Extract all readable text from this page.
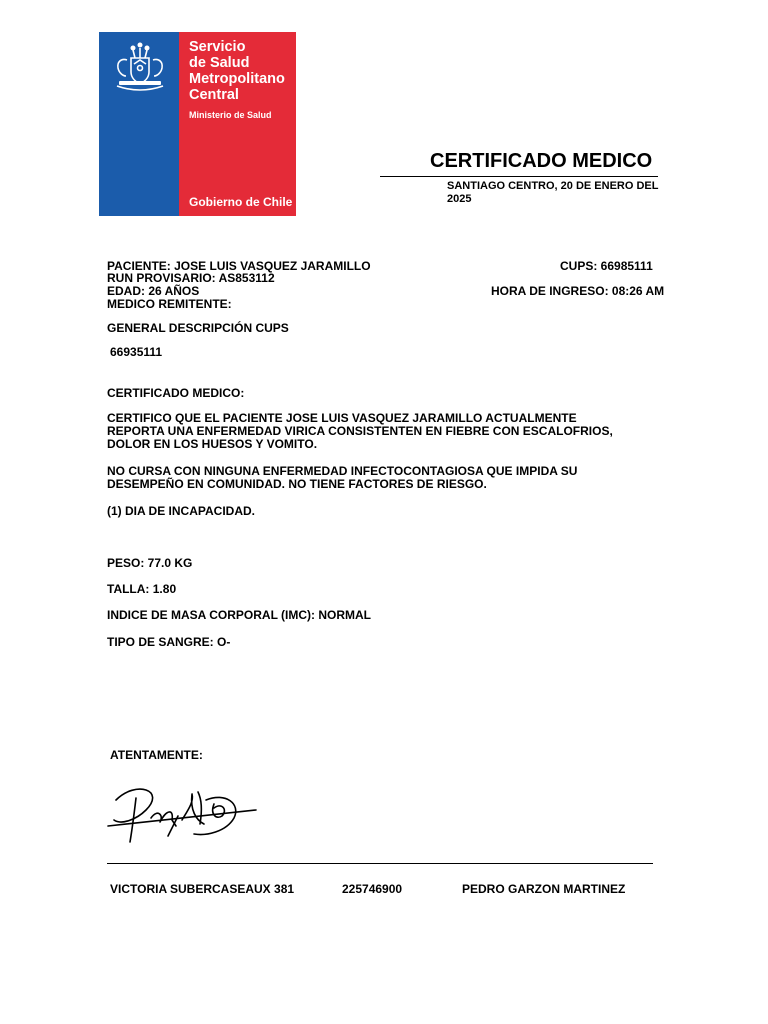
Servicio
de Salud
Metropolitano
Central
Ministerio de Salud
Gobierno de Chile
CERTIFICADO MEDICO
SANTIAGO CENTRO, 20 DE ENERO DEL 2025
PACIENTE: JOSE LUIS VASQUEZ JARAMILLO
RUN PROVISARIO: AS853112
EDAD: 26 AÑOS
MEDICO REMITENTE:
CUPS: 66985111
HORA DE INGRESO: 08:26 AM
GENERAL DESCRIPCIÓN CUPS
66935111
CERTIFICADO MEDICO:
CERTIFICO QUE EL PACIENTE JOSE LUIS VASQUEZ JARAMILLO ACTUALMENTE
REPORTA UNA ENFERMEDAD VIRICA CONSISTENTEN EN FIEBRE CON ESCALOFRIOS,
DOLOR EN LOS HUESOS Y VOMITO.
NO CURSA CON NINGUNA ENFERMEDAD INFECTOCONTAGIOSA QUE IMPIDA SU
DESEMPEÑO EN COMUNIDAD. NO TIENE FACTORES DE RIESGO.
(1) DIA DE INCAPACIDAD.
PESO: 77.0 KG
TALLA: 1.80
INDICE DE MASA CORPORAL (IMC): NORMAL
TIPO DE SANGRE: O-
ATENTAMENTE:
VICTORIA SUBERCASEAUX 381	225746900	PEDRO GARZON MARTINEZ
